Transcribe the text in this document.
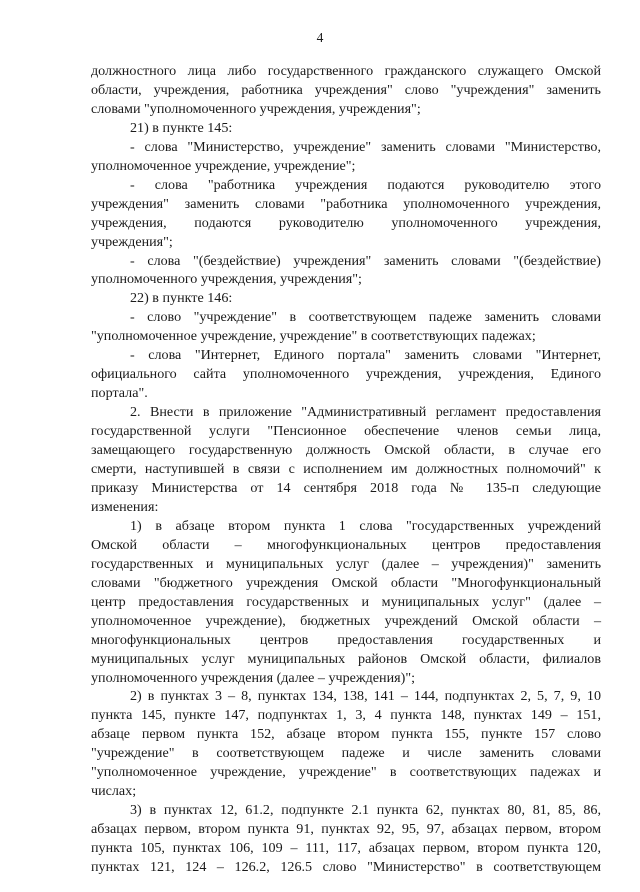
4
должностного лица либо государственного гражданского служащего Омской
области, учреждения, работника учреждения" слово "учреждения" заменить
словами "уполномоченного учреждения, учреждения";
21) в пункте 145:
- слова "Министерство, учреждение" заменить словами "Министерство,
уполномоченное учреждение, учреждение";
- слова "работника учреждения подаются руководителю этого
учреждения" заменить словами "работника уполномоченного учреждения,
учреждения, подаются руководителю уполномоченного учреждения,
учреждения";
- слова "(бездействие) учреждения" заменить словами "(бездействие)
уполномоченного учреждения, учреждения";
22) в пункте 146:
- слово "учреждение" в соответствующем падеже заменить словами
"уполномоченное учреждение, учреждение" в соответствующих падежах;
- слова "Интернет, Единого портала" заменить словами "Интернет,
официального сайта уполномоченного учреждения, учреждения, Единого
портала".
2. Внести в приложение "Административный регламент предоставления
государственной услуги "Пенсионное обеспечение членов семьи лица,
замещающего государственную должность Омской области, в случае его
смерти, наступившей в связи с исполнением им должностных полномочий" к
приказу Министерства от 14 сентября 2018 года № 135-п следующие
изменения:
1) в абзаце втором пункта 1 слова "государственных учреждений
Омской области – многофункциональных центров предоставления
государственных и муниципальных услуг (далее – учреждения)" заменить
словами "бюджетного учреждения Омской области "Многофункциональный
центр предоставления государственных и муниципальных услуг" (далее –
уполномоченное учреждение), бюджетных учреждений Омской области –
многофункциональных центров предоставления государственных и
муниципальных услуг муниципальных районов Омской области, филиалов
уполномоченного учреждения (далее – учреждения)";
2) в пунктах 3 – 8, пунктах 134, 138, 141 – 144, подпунктах 2, 5, 7, 9, 10
пункта 145, пункте 147, подпунктах 1, 3, 4 пункта 148, пунктах 149 – 151,
абзаце первом пункта 152, абзаце втором пункта 155, пункте 157 слово
"учреждение" в соответствующем падеже и числе заменить словами
"уполномоченное учреждение, учреждение" в соответствующих падежах и
числах;
3) в пунктах 12, 61.2, подпункте 2.1 пункта 62, пунктах 80, 81, 85, 86,
абзацах первом, втором пункта 91, пунктах 92, 95, 97, абзацах первом, втором
пункта 105, пунктах 106, 109 – 111, 117, абзацах первом, втором пункта 120,
пунктах 121, 124 – 126.2, 126.5 слово "Министерство" в соответствующем
